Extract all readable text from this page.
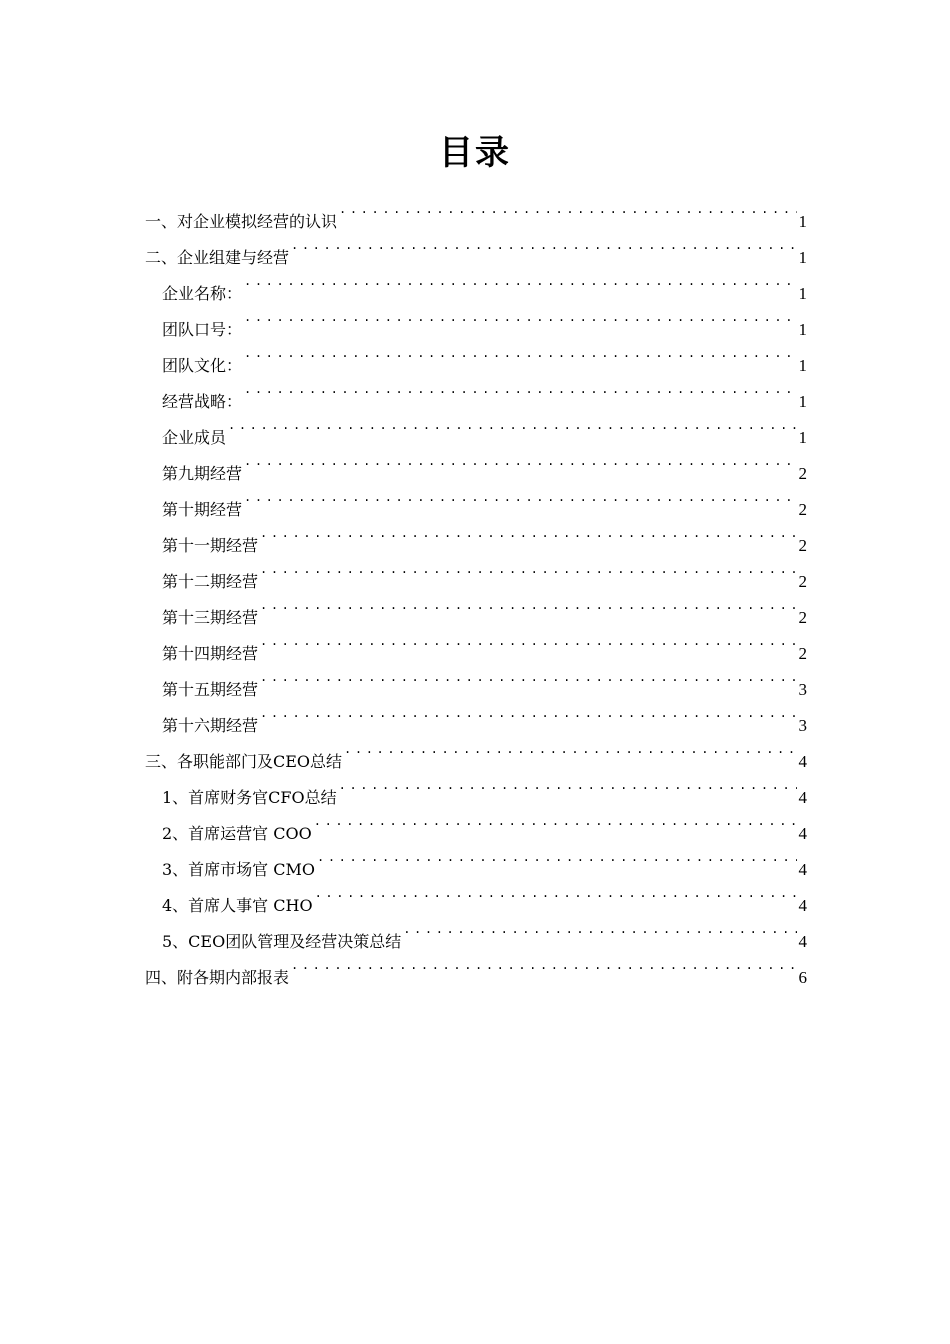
目录
一、对企业模拟经营的认识 .....	1
二、企业组建与经营 .....	1
企业名称： .....	1
团队口号： .....	1
团队文化： .....	1
经营战略： .....	1
企业成员 .....	1
第九期经营 .....	2
第十期经营 .....	2
第十一期经营 .....	2
第十二期经营 .....	2
第十三期经营 .....	2
第十四期经营 .....	2
第十五期经营 .....	3
第十六期经营 .....	3
三、各职能部门及CEO总结 .....	4
1、首席财务官CFO总结 .....	4
2、首席运营官 COO .....	4
3、首席市场官 CMO .....	4
4、首席人事官 CHO .....	4
5、CEO团队管理及经营决策总结 .....	4
四、附各期内部报表 .....	6
